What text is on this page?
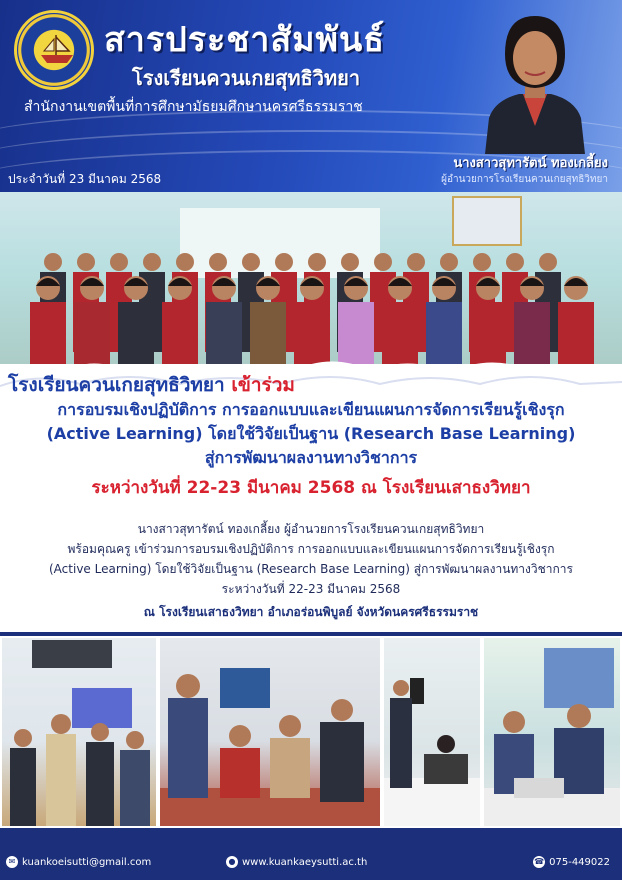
สารประชาสัมพันธ์
โรงเรียนควนเกยสุทธิวิทยา
สำนักงานเขตพื้นที่การศึกษามัธยมศึกษานครศรีธรรมราช
นางสาวสุทารัตน์ ทองเกลี้ยง
ผู้อำนวยการโรงเรียนควนเกยสุทธิวิทยา
ประจำวันที่ 23 มีนาคม 2568
โรงเรียนควนเกยสุทธิวิทยา เข้าร่วม
การอบรมเชิงปฏิบัติการ การออกแบบและเขียนแผนการจัดการเรียนรู้เชิงรุก
(Active Learning) โดยใช้วิจัยเป็นฐาน (Research Base Learning)
สู่การพัฒนาผลงานทางวิชาการ
ระหว่างวันที่ 22-23 มีนาคม 2568 ณ โรงเรียนเสาธงวิทยา
นางสาวสุทารัตน์ ทองเกลี้ยง ผู้อำนวยการโรงเรียนควนเกยสุทธิวิทยา
พร้อมคุณครู เข้าร่วมการอบรมเชิงปฏิบัติการ การออกแบบและเขียนแผนการจัดการเรียนรู้เชิงรุก
(Active Learning) โดยใช้วิจัยเป็นฐาน (Research Base Learning) สู่การพัฒนาผลงานทางวิชาการ
ระหว่างวันที่ 22-23 มีนาคม 2568
ณ โรงเรียนเสาธงวิทยา อำเภอร่อนพิบูลย์ จังหวัดนครศรีธรรมราช
✉ kuankoeisutti@gmail.com	● www.kuankaeysutti.ac.th	☎ 075-449022
